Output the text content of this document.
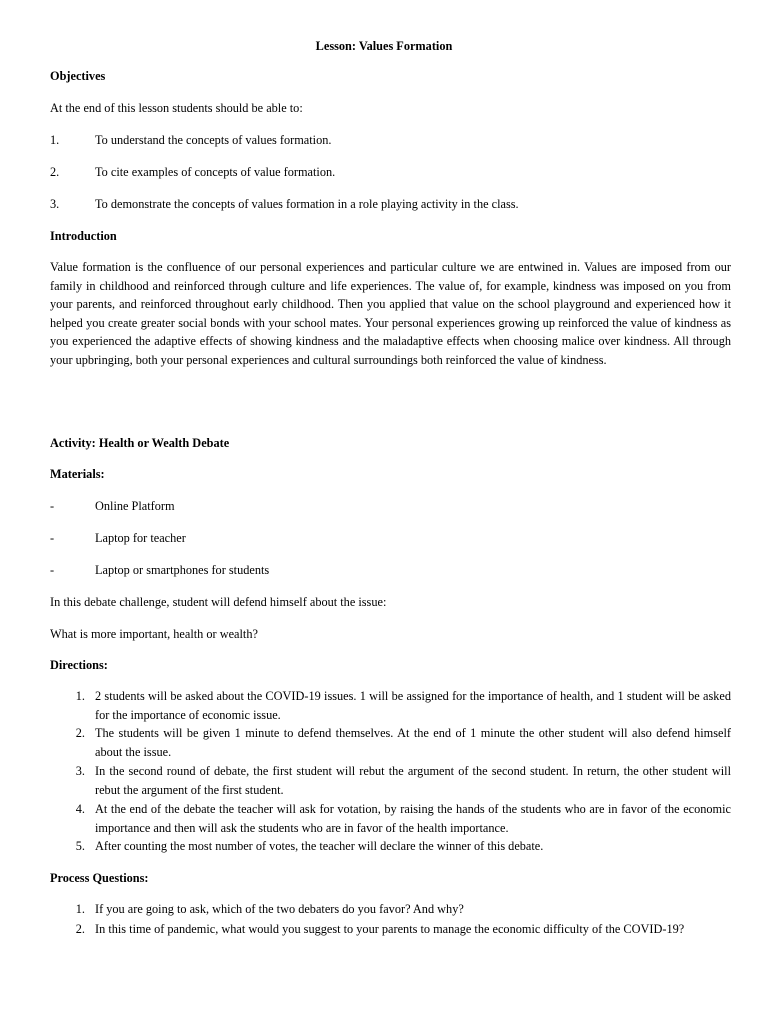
Lesson: Values Formation
Objectives
At the end of this lesson students should be able to:
1.	To understand the concepts of values formation.
2.	To cite examples of concepts of value formation.
3.	To demonstrate the concepts of values formation in a role playing activity in the class.
Introduction
Value formation is the confluence of our personal experiences and particular culture we are entwined in. Values are imposed from our family in childhood and reinforced through culture and life experiences. The value of, for example, kindness was imposed on you from your parents, and reinforced throughout early childhood. Then you applied that value on the school playground and experienced how it helped you create greater social bonds with your school mates. Your personal experiences growing up reinforced the value of kindness as you experienced the adaptive effects of showing kindness and the maladaptive effects when choosing malice over kindness. All through your upbringing, both your personal experiences and cultural surroundings both reinforced the value of kindness.
Activity: Health or Wealth Debate
Materials:
-	Online Platform
-	Laptop for teacher
-	Laptop or smartphones for students
In this debate challenge, student will defend himself about the issue:
What is more important, health or wealth?
Directions:
1. 2 students will be asked about the COVID-19 issues. 1 will be assigned for the importance of health, and 1 student will be asked for the importance of economic issue.
2. The students will be given 1 minute to defend themselves. At the end of 1 minute the other student will also defend himself about the issue.
3. In the second round of debate, the first student will rebut the argument of the second student. In return, the other student will rebut the argument of the first student.
4. At the end of the debate the teacher will ask for votation, by raising the hands of the students who are in favor of the economic importance and then will ask the students who are in favor of the health importance.
5. After counting the most number of votes, the teacher will declare the winner of this debate.
Process Questions:
1. If you are going to ask, which of the two debaters do you favor? And why?
2. In this time of pandemic, what would you suggest to your parents to manage the economic difficulty of the COVID-19?
